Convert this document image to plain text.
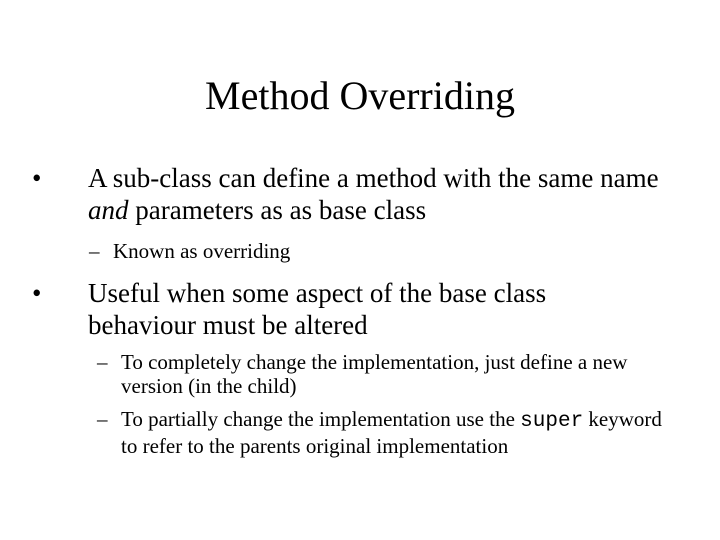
Method Overriding
• A sub-class can define a method with the same name and parameters as as base class
– Known as overriding
• Useful when some aspect of the base class behaviour must be altered
– To completely change the implementation, just define a new version (in the child)
– To partially change the implementation use the super keyword to refer to the parents original implementation
